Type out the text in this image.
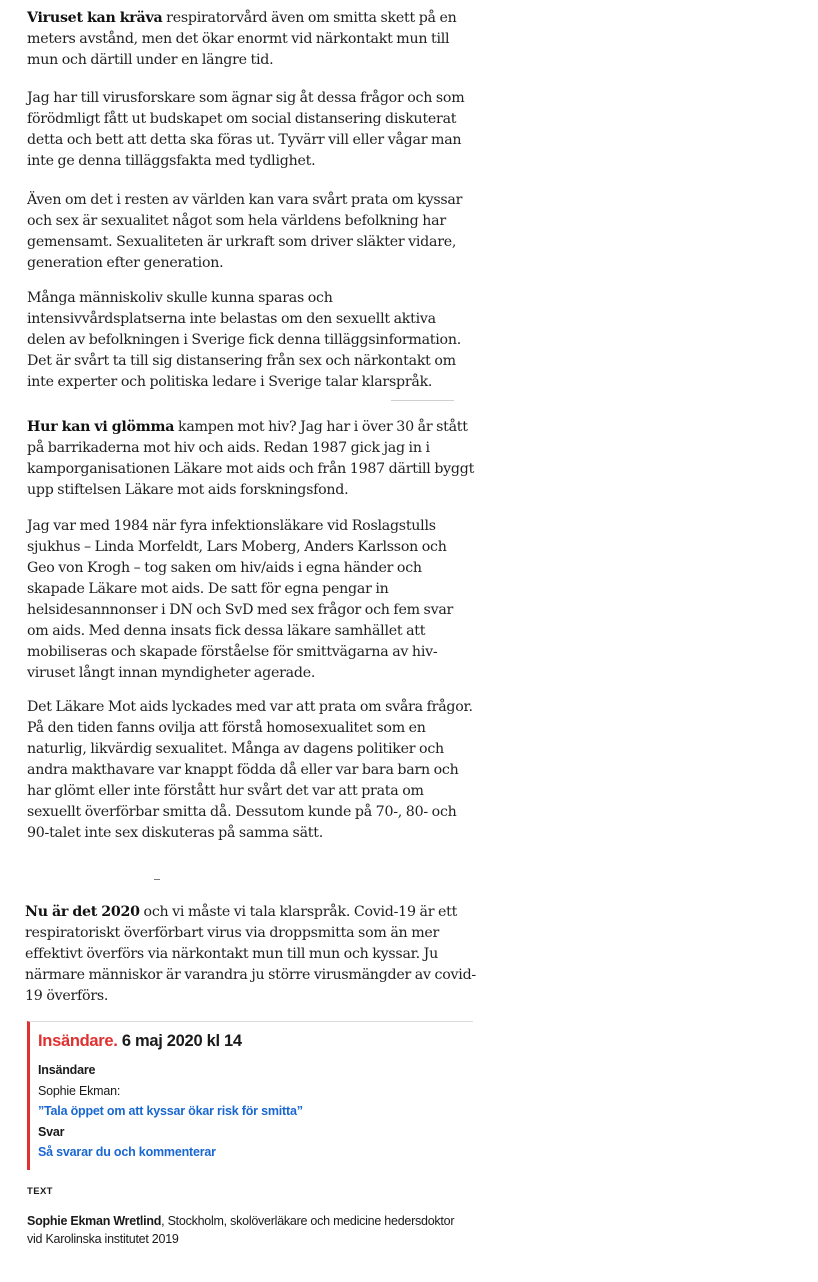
Viruset kan kräva respiratorvård även om smitta skett på en meters avstånd, men det ökar enormt vid närkontakt mun till mun och därtill under en längre tid.

Jag har till virusforskare som ägnar sig åt dessa frågor och som förödmligt fått ut budskapet om social distansering diskuterat detta och bett att detta ska föras ut. Tyvärr vill eller vågar man inte ge denna tilläggsfakta med tydlighet.

Även om det i resten av världen kan vara svårt prata om kyssar och sex är sexualitet något som hela världens befolkning har gemensamt. Sexualiteten är urkraft som driver släkter vidare, generation efter generation.

Många människoliv skulle kunna sparas och intensivvårdsplatserna inte belastas om den sexuellt aktiva delen av befolkningen i Sverige fick denna tilläggsinformation. Det är svårt ta till sig distansering från sex och närkontakt om inte experter och politiska ledare i Sverige talar klarspråk.

Hur kan vi glömma kampen mot hiv? Jag har i över 30 år stått på barrikaderna mot hiv och aids. Redan 1987 gick jag in i kamporganisationen Läkare mot aids och från 1987 därtill byggt upp stiftelsen Läkare mot aids forskningsfond.

Jag var med 1984 när fyra infektionsläkare vid Roslagstulls sjukhus – Linda Morfeldt, Lars Moberg, Anders Karlsson och Geo von Krogh – tog saken om hiv/aids i egna händer och skapade Läkare mot aids. De satt för egna pengar in helsidesannnonser i DN och SvD med sex frågor och fem svar om aids. Med denna insats fick dessa läkare samhället att mobiliseras och skapade förståelse för smittvägarna av hiv-viruset långt innan myndigheter agerade.

Det Läkare Mot aids lyckades med var att prata om svåra frågor. På den tiden fanns ovilja att förstå homosexualitet som en naturlig, likvärdig sexualitet. Många av dagens politiker och andra makthavare var knappt födda då eller var bara barn och har glömt eller inte förstått hur svårt det var att prata om sexuellt överförbar smitta då. Dessutom kunde på 70-, 80- och 90-talet inte sex diskuteras på samma sätt.

Nu är det 2020 och vi måste vi tala klarspråk. Covid-19 är ett respiratoriskt överförbart virus via droppsmitta som än mer effektivt överförs via närkontakt mun till mun och kyssar. Ju närmare människor är varandra ju större virusmängder av covid-19 överförs.

Insändare. 6 maj 2020 kl 14
Insändare
Sophie Ekman:
”Tala öppet om att kyssar ökar risk för smitta”
Svar
Så svarar du och kommenterar
TEXT
Sophie Ekman Wretlind, Stockholm, skolöverläkare och medicine hedersdoktor vid Karolinska institutet 2019
